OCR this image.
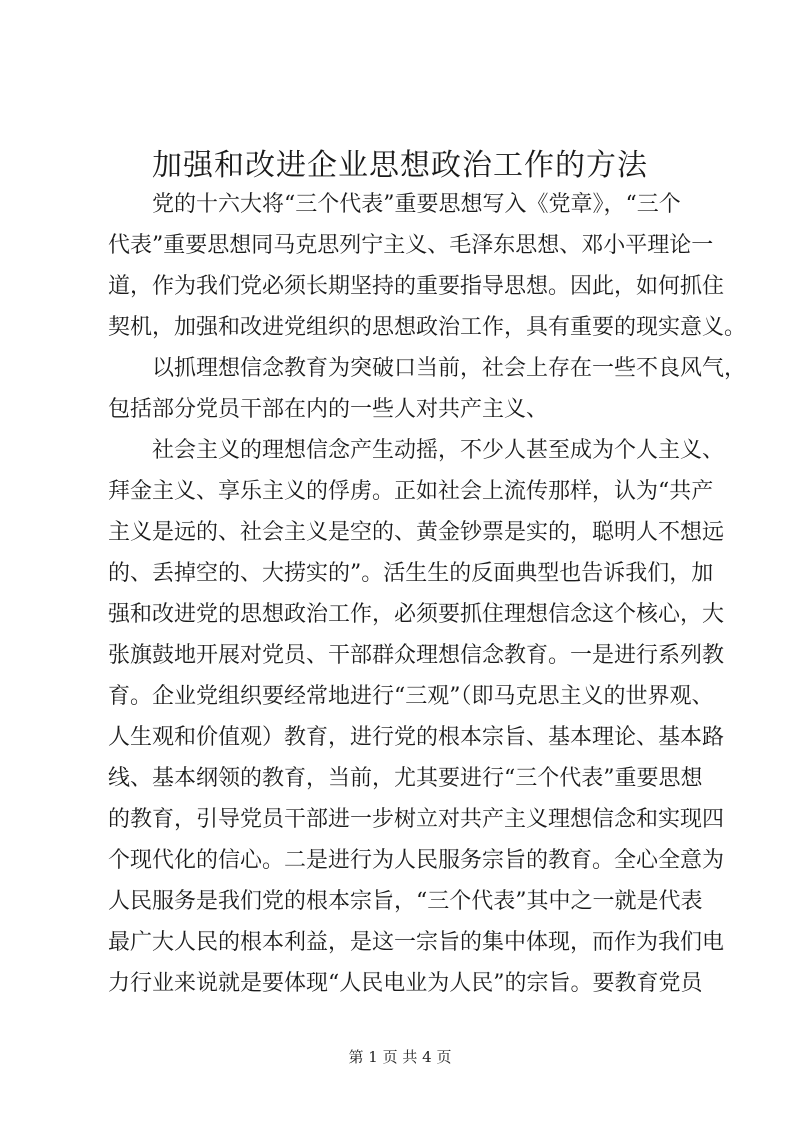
加强和改进企业思想政治工作的方法

　　党的十六大将“三个代表”重要思想写入《党章》，“三个

代表”重要思想同马克思列宁主义、毛泽东思想、邓小平理论一

道，作为我们党必须长期坚持的重要指导思想。因此，如何抓住

契机，加强和改进党组织的思想政治工作，具有重要的现实意义。

　　以抓理想信念教育为突破口当前，社会上存在一些不良风气，

包括部分党员干部在内的一些人对共产主义、

　　社会主义的理想信念产生动摇，不少人甚至成为个人主义、

拜金主义、享乐主义的俘虏。正如社会上流传那样，认为“共产

主义是远的、社会主义是空的、黄金钞票是实的，聪明人不想远

的、丢掉空的、大捞实的”。活生生的反面典型也告诉我们，加

强和改进党的思想政治工作，必须要抓住理想信念这个核心，大

张旗鼓地开展对党员、干部群众理想信念教育。一是进行系列教

育。企业党组织要经常地进行“三观”（即马克思主义的世界观、

人生观和价值观）教育，进行党的根本宗旨、基本理论、基本路

线、基本纲领的教育，当前，尤其要进行“三个代表”重要思想

的教育，引导党员干部进一步树立对共产主义理想信念和实现四

个现代化的信心。二是进行为人民服务宗旨的教育。全心全意为

人民服务是我们党的根本宗旨，“三个代表”其中之一就是代表

最广大人民的根本利益，是这一宗旨的集中体现，而作为我们电

力行业来说就是要体现“人民电业为人民”的宗旨。要教育党员

第 1 页 共 4 页
